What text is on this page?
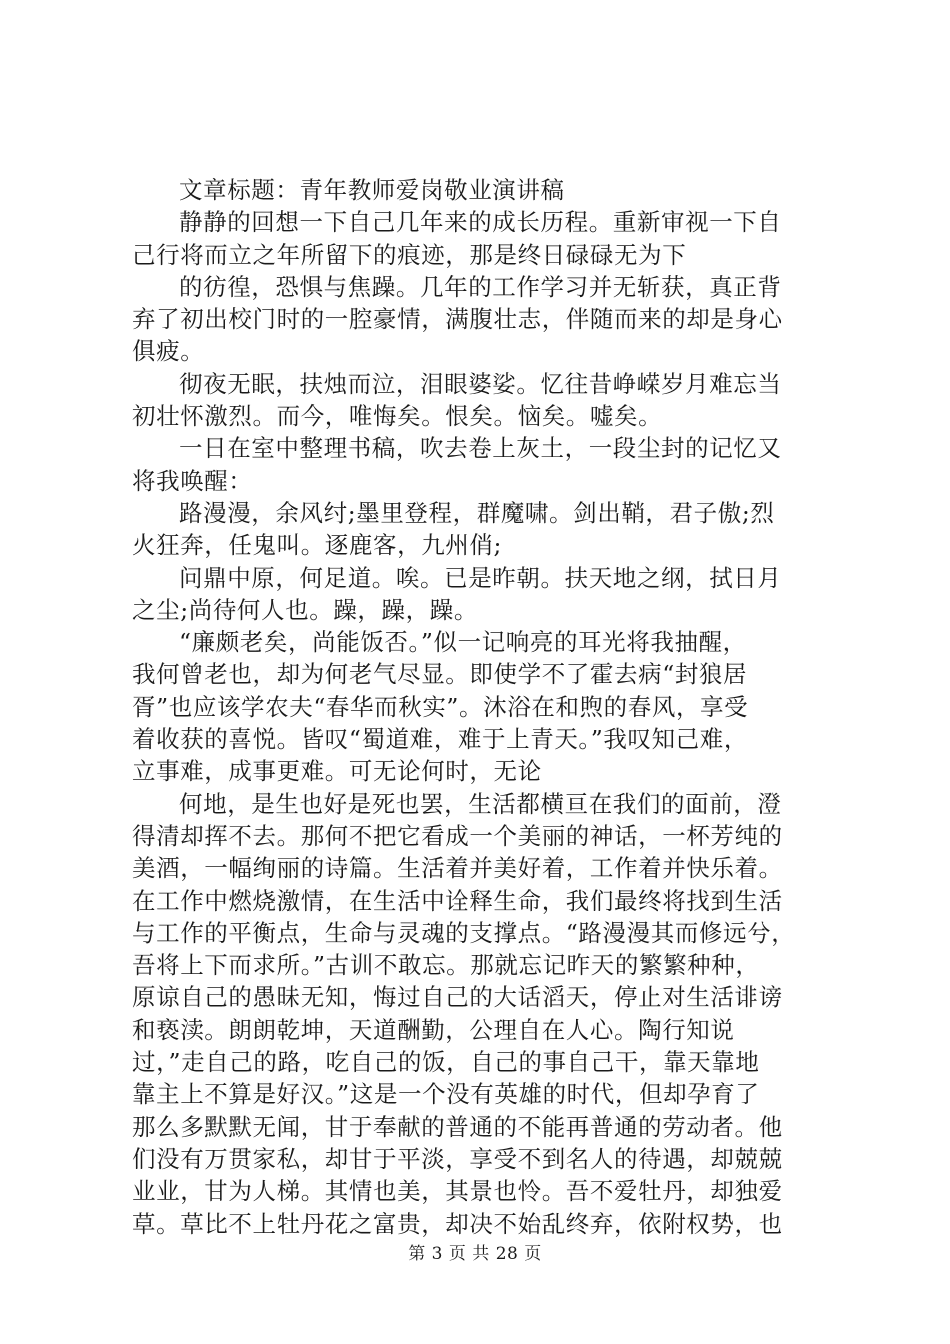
文章标题：青年教师爱岗敬业演讲稿
静静的回想一下自己几年来的成长历程。重新审视一下自
己行将而立之年所留下的痕迹，那是终日碌碌无为下
的彷徨，恐惧与焦躁。几年的工作学习并无斩获，真正背
弃了初出校门时的一腔豪情，满腹壮志，伴随而来的却是身心
俱疲。
彻夜无眠，扶烛而泣，泪眼婆娑。忆往昔峥嵘岁月难忘当
初壮怀激烈。而今，唯悔矣。恨矣。恼矣。嘘矣。
一日在室中整理书稿，吹去卷上灰土，一段尘封的记忆又
将我唤醒：
路漫漫，余风纣;墨里登程，群魔啸。剑出鞘，君子傲;烈
火狂奔，任鬼叫。逐鹿客，九州俏;
问鼎中原，何足道。唉。已是昨朝。扶天地之纲，拭日月
之尘;尚待何人也。躁，躁，躁。
“廉颇老矣，尚能饭否。”似一记响亮的耳光将我抽醒，
我何曾老也，却为何老气尽显。即使学不了霍去病“封狼居
胥”也应该学农夫“春华而秋实”。沐浴在和煦的春风，享受
着收获的喜悦。皆叹“蜀道难，难于上青天。”我叹知己难，
立事难，成事更难。可无论何时，无论
何地，是生也好是死也罢，生活都横亘在我们的面前，澄
得清却挥不去。那何不把它看成一个美丽的神话，一杯芳纯的
美酒，一幅绚丽的诗篇。生活着并美好着，工作着并快乐着。
在工作中燃烧激情，在生活中诠释生命，我们最终将找到生活
与工作的平衡点，生命与灵魂的支撑点。“路漫漫其而修远兮，
吾将上下而求所。”古训不敢忘。那就忘记昨天的繁繁种种，
原谅自己的愚昧无知，悔过自己的大话滔天，停止对生活诽谤
和亵渎。朗朗乾坤，天道酬勤，公理自在人心。陶行知说
过，”走自己的路，吃自己的饭，自己的事自己干，靠天靠地
靠主上不算是好汉。”这是一个没有英雄的时代，但却孕育了
那么多默默无闻，甘于奉献的普通的不能再普通的劳动者。他
们没有万贯家私，却甘于平淡，享受不到名人的待遇，却兢兢
业业，甘为人梯。其情也美，其景也怜。吾不爱牡丹，却独爱
草。草比不上牡丹花之富贵，却决不始乱终弃，依附权势，也
第 3 页 共 28 页
